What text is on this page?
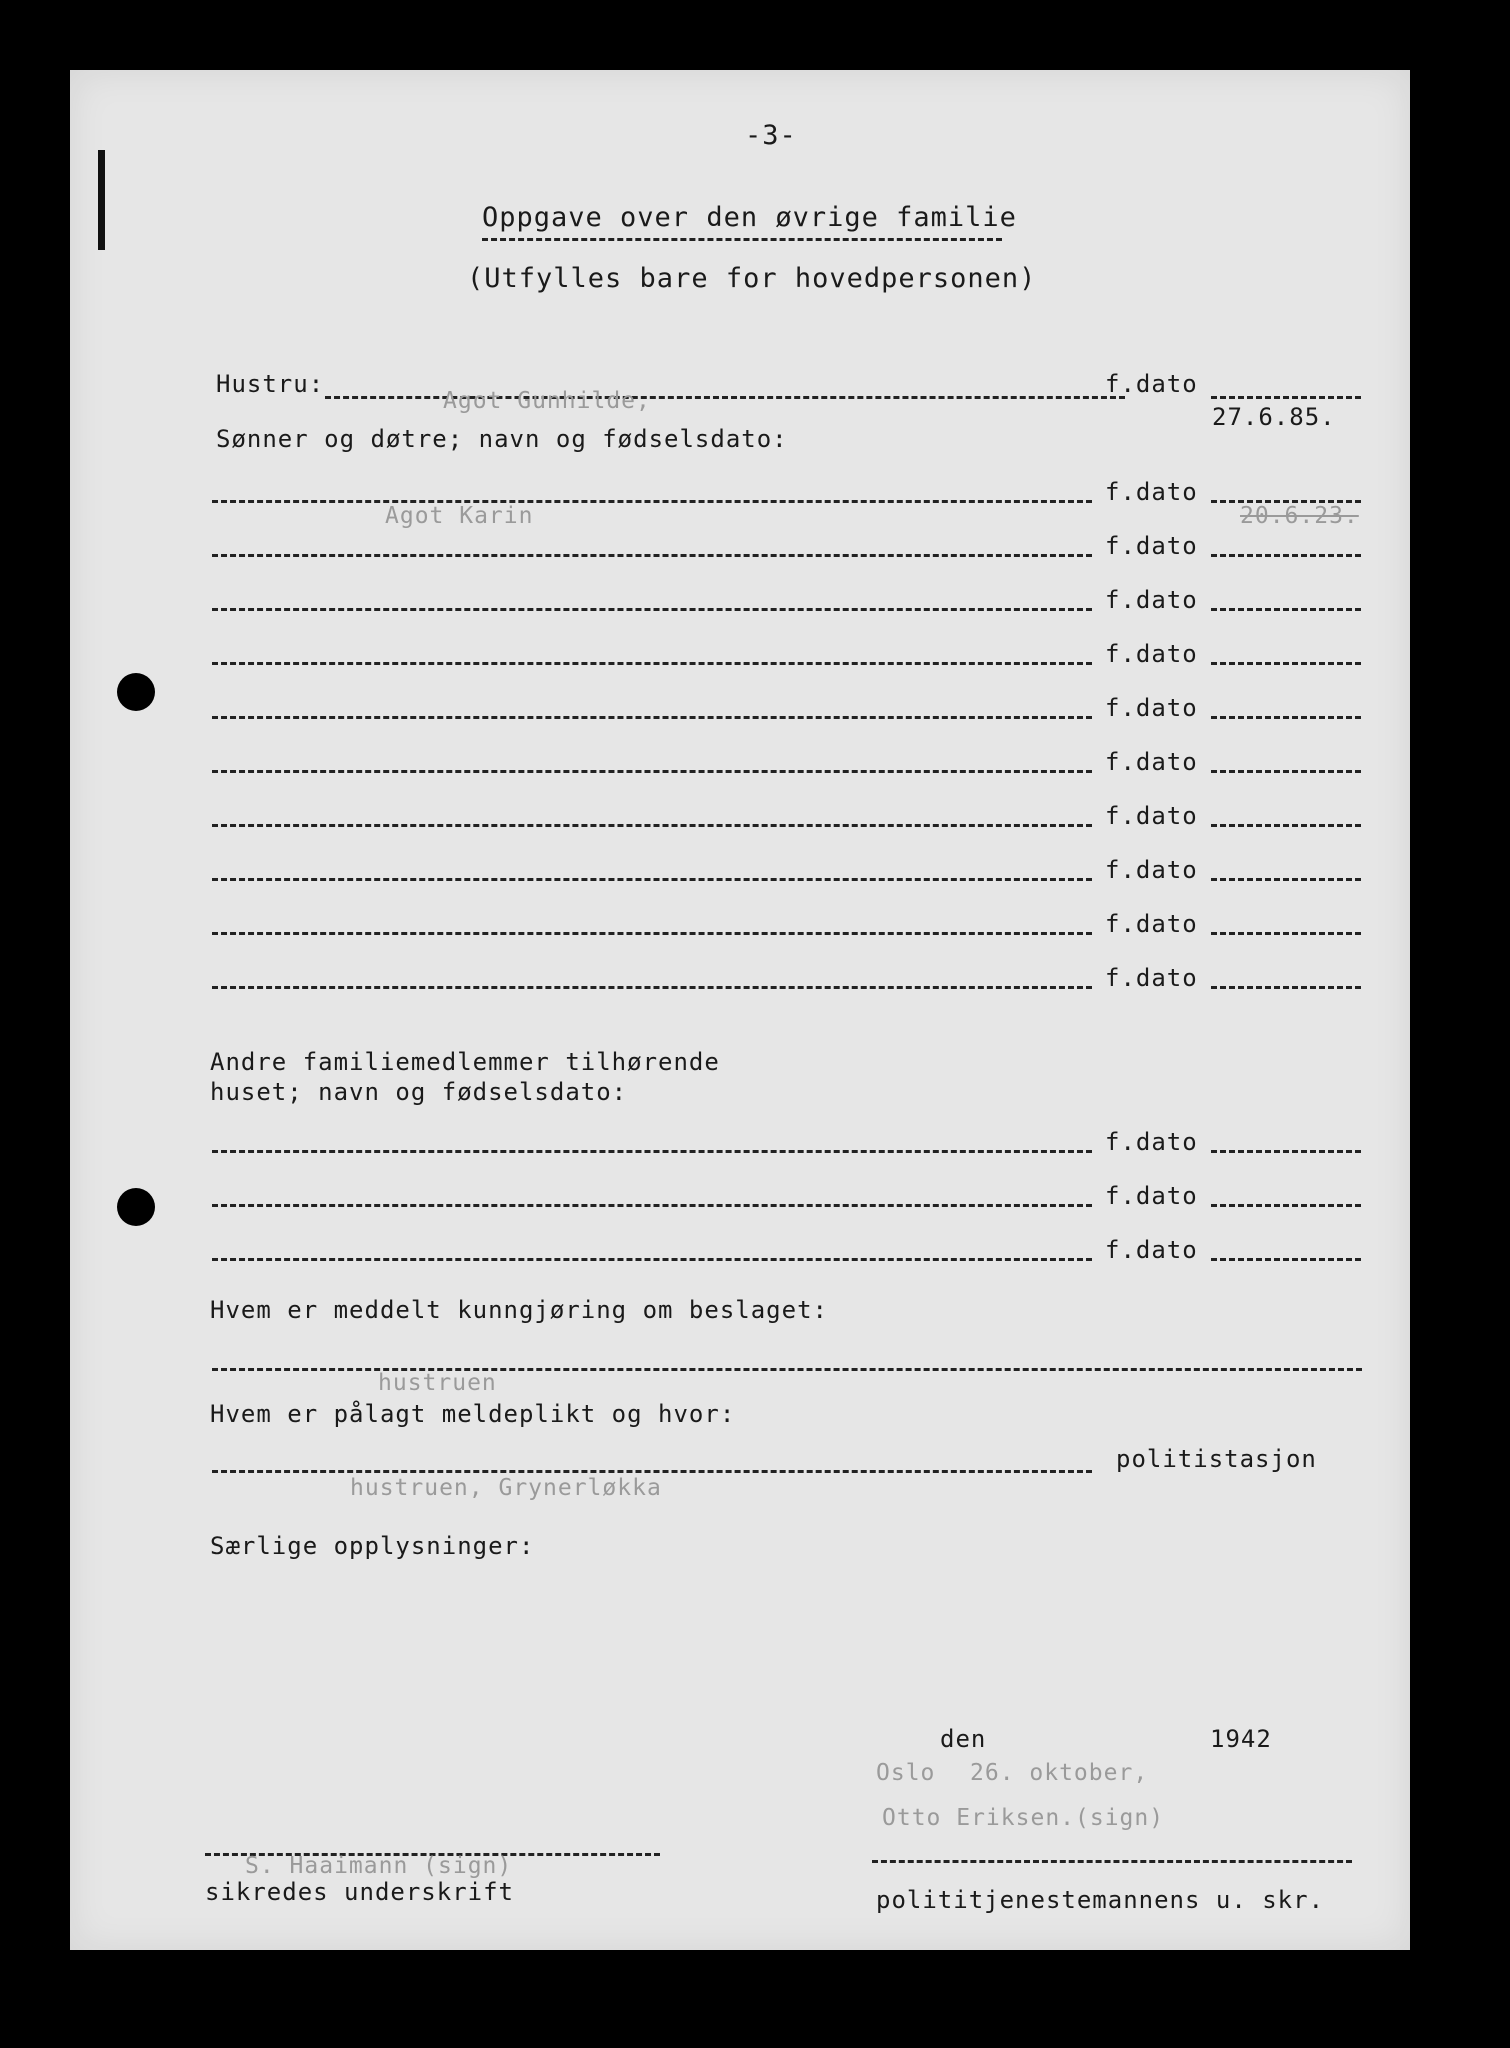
-3-
Oppgave over den øvrige familie
(Utfylles bare for hovedpersonen)
Hustru:
Agot Gunhilde,
f.dato
27.6.85.
Sønner og døtre; navn og fødselsdato:
Agot Karin
f.dato
20.6.23.
f.dato
f.dato
f.dato
f.dato
f.dato
f.dato
f.dato
f.dato
f.dato
Andre familiemedlemmer tilhørende
huset; navn og fødselsdato:
f.dato
f.dato
f.dato
Hvem er meddelt kunngjøring om beslaget:
hustruen
Hvem er pålagt meldeplikt og hvor:
hustruen, Grynerløkka
politistasjon
Særlige opplysninger:
den	1942
Oslo 26. oktober,
Otto Eriksen.(sign)
S. Haaimann (sign)
sikredes underskrift	polititjenestemannens u. skr.
